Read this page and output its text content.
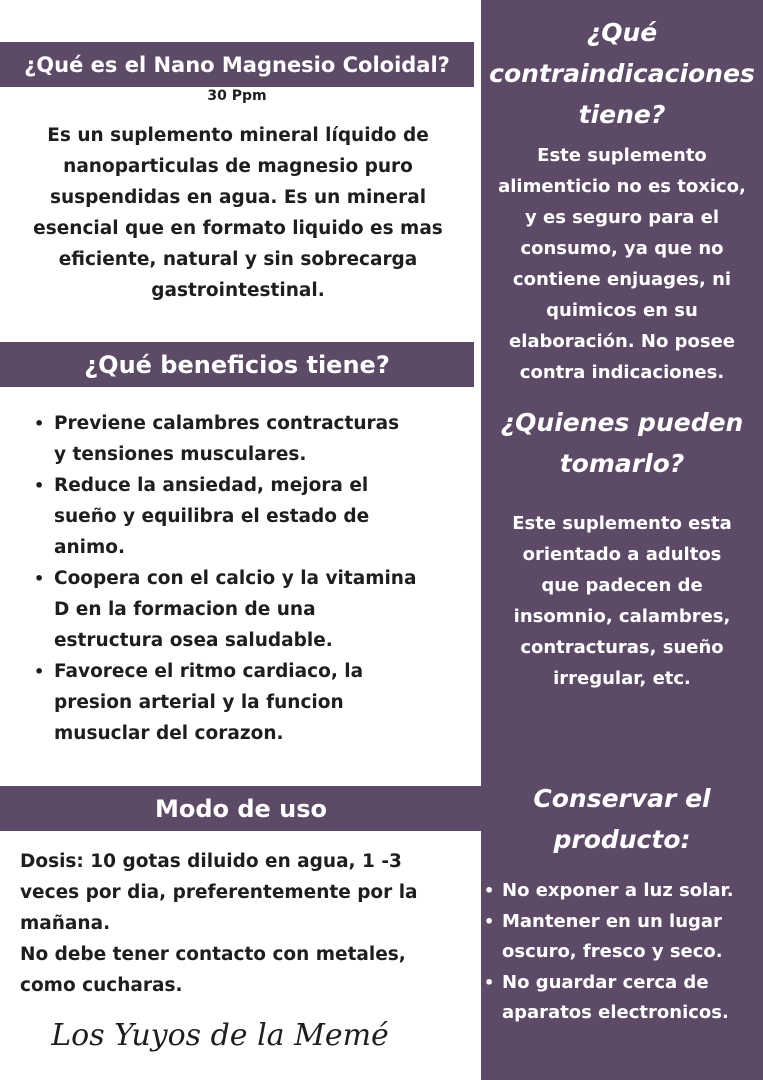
¿Qué es el Nano Magnesio Coloidal?
30 Ppm
Es un suplemento mineral líquido de
nanoparticulas de magnesio puro
suspendidas en agua. Es un mineral
esencial que en formato liquido es mas
eficiente, natural y sin sobrecarga
gastrointestinal.
¿Qué beneficios tiene?
• Previene calambres contracturas
y tensiones musculares.
• Reduce la ansiedad, mejora el
sueño y equilibra el estado de
animo.
• Coopera con el calcio y la vitamina
D en la formacion de una
estructura osea saludable.
• Favorece el ritmo cardiaco, la
presion arterial y la funcion
musuclar del corazon.
Modo de uso
Dosis: 10 gotas diluido en agua, 1 -3
veces por dia, preferentemente por la
mañana.
No debe tener contacto con metales,
como cucharas.
Los Yuyos de la Memé
¿Qué
contraindicaciones
tiene?
Este suplemento
alimenticio no es toxico,
y es seguro para el
consumo, ya que no
contiene enjuages, ni
quimicos en su
elaboración. No posee
contra indicaciones.
¿Quienes pueden
tomarlo?
Este suplemento esta
orientado a adultos
que padecen de
insomnio, calambres,
contracturas, sueño
irregular, etc.
Conservar el
producto:
• No exponer a luz solar.
• Mantener en un lugar
oscuro, fresco y seco.
• No guardar cerca de
aparatos electronicos.
